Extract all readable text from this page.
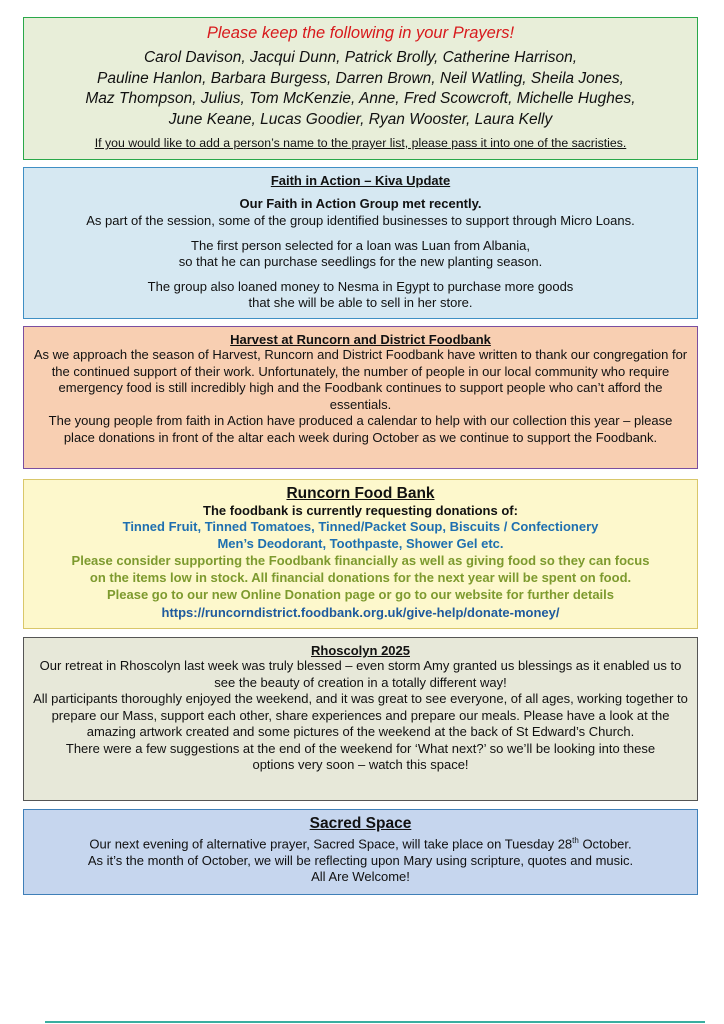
Please keep the following in your Prayers!

Carol Davison, Jacqui Dunn, Patrick Brolly, Catherine Harrison,

Pauline Hanlon, Barbara Burgess, Darren Brown, Neil Watling, Sheila Jones,

Maz Thompson, Julius, Tom McKenzie, Anne, Fred Scowcroft, Michelle Hughes,

June Keane, Lucas Goodier, Ryan Wooster, Laura Kelly

If you would like to add a person’s name to the prayer list, please pass it into one of the sacristies.

Faith in Action – Kiva Update

Our Faith in Action Group met recently.

As part of the session, some of the group identified businesses to support through Micro Loans.

The first person selected for a loan was Luan from Albania,

so that he can purchase seedlings for the new planting season.

The group also loaned money to Nesma in Egypt to purchase more goods

that she will be able to sell in her store.

Harvest at Runcorn and District Foodbank

As we approach the season of Harvest, Runcorn and District Foodbank have written to thank our congregation for the continued support of their work. Unfortunately, the number of people in our local community who require emergency food is still incredibly high and the Foodbank continues to support people who can’t afford the essentials.

The young people from faith in Action have produced a calendar to help with our collection this year – please place donations in front of the altar each week during October as we continue to support the Foodbank.

Runcorn Food Bank

The foodbank is currently requesting donations of:

Tinned Fruit, Tinned Tomatoes, Tinned/Packet Soup, Biscuits / Confectionery

Men’s Deodorant, Toothpaste, Shower Gel etc.

Please consider supporting the Foodbank financially as well as giving food so they can focus

on the items low in stock. All financial donations for the next year will be spent on food.

Please go to our new Online Donation page or go to our website for further details

https://runcorndistrict.foodbank.org.uk/give-help/donate-money/

Rhoscolyn 2025

Our retreat in Rhoscolyn last week was truly blessed – even storm Amy granted us blessings as it enabled us to see the beauty of creation in a totally different way!

All participants thoroughly enjoyed the weekend, and it was great to see everyone, of all ages, working together to prepare our Mass, support each other, share experiences and prepare our meals. Please have a look at the amazing artwork created and some pictures of the weekend at the back of St Edward’s Church.

There were a few suggestions at the end of the weekend for ‘What next?’ so we’ll be looking into these options very soon – watch this space!

Sacred Space

Our next evening of alternative prayer, Sacred Space, will take place on Tuesday 28th October.

As it’s the month of October, we will be reflecting upon Mary using scripture, quotes and music.

All Are Welcome!
